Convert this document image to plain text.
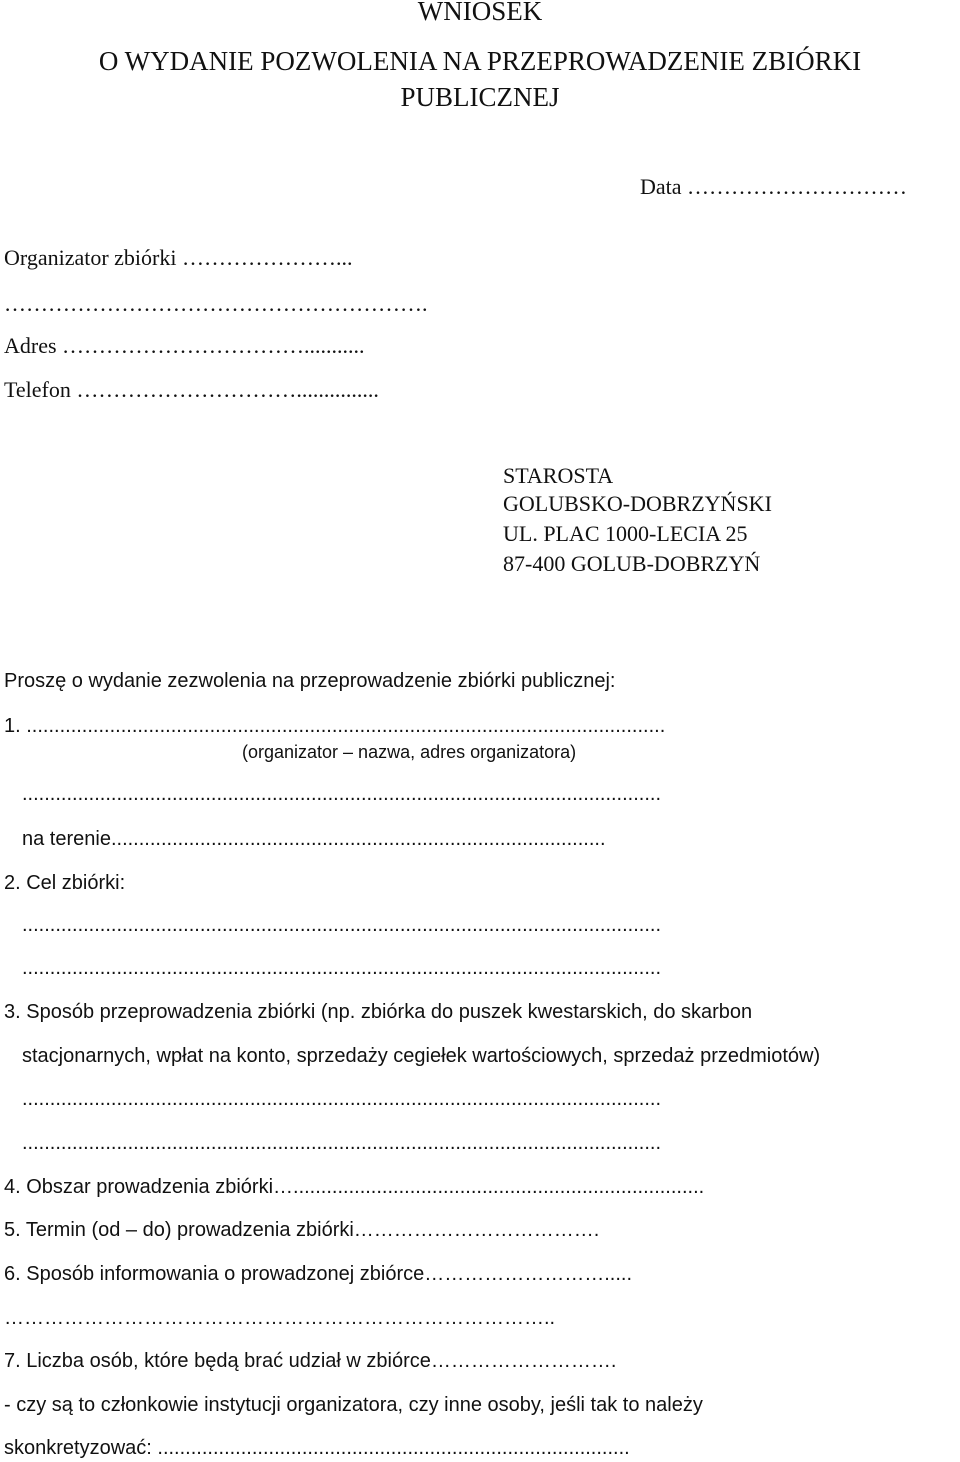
WNIOSEK
O WYDANIE POZWOLENIA NA PRZEPROWADZENIE ZBIÓRKI
PUBLICZNEJ
Data …………………………
Organizator zbiórki …………………...
………………………………………………….
Adres ……………………………...........
Telefon …………………………...............
STAROSTA
GOLUBSKO-DOBRZYŃSKI
UL. PLAC 1000-LECIA 25
87-400 GOLUB-DOBRZYŃ
Proszę o wydanie zezwolenia na przeprowadzenie zbiórki publicznej:
1. ...................................................................................................................
(organizator – nazwa, adres organizatora)
...................................................................................................................
na terenie.........................................................................................
2. Cel zbiórki:
...................................................................................................................
...................................................................................................................
3. Sposób przeprowadzenia zbiórki (np. zbiórka do puszek kwestarskich, do skarbon
stacjonarnych, wpłat na konto, sprzedaży cegiełek wartościowych, sprzedaż przedmiotów)
...................................................................................................................
...................................................................................................................
4. Obszar prowadzenia zbiórki…..........................................................................
5. Termin (od – do) prowadzenia zbiórki……………………………….
6. Sposób informowania o prowadzonej zbiórce……………………….....
………………………………………………………………………..
7. Liczba osób, które będą brać udział w zbiórce……………………….
- czy są to członkowie instytucji organizatora, czy inne osoby, jeśli tak to należy
skonkretyzować: .....................................................................................
